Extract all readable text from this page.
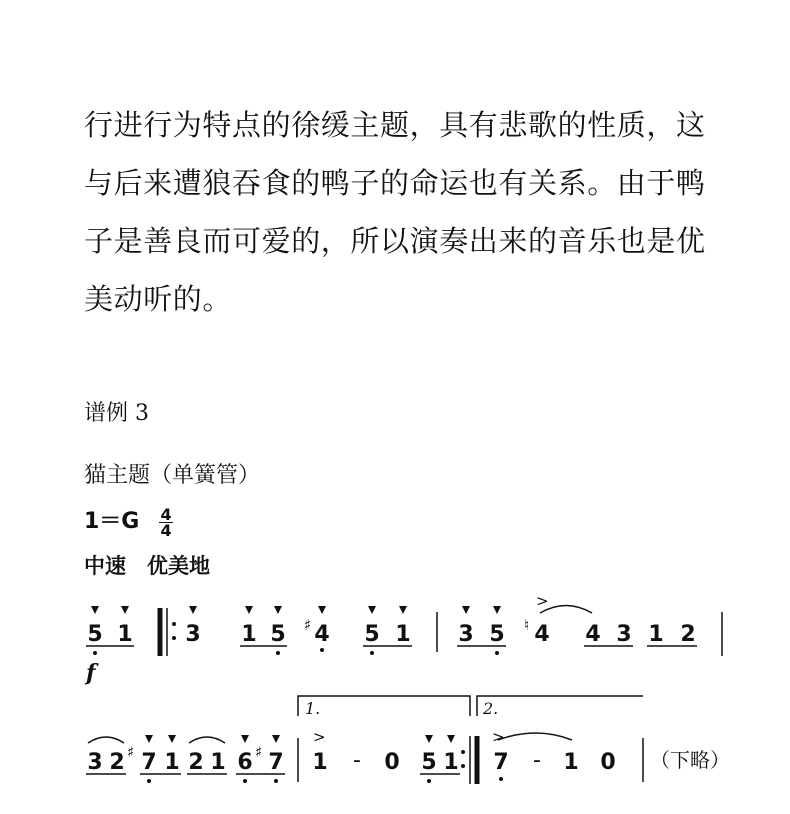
行进行为特点的徐缓主题，具有悲歌的性质，这
与后来遭狼吞食的鸭子的命运也有关系。由于鸭
子是善良而可爱的，所以演奏出来的音乐也是优
美动听的。
谱例 3
猫主题（单簧管）
$1=G \frac{4}{4}$
中速　优美地
5 1 3 1 5 ♯ 4 5 1 3 5 ♮
>
4 4 3 1 2
f
1.	2.
3 2 ♯ 7 1 2 1 6 ♯ 7
>
1 - 0 5 1
>
7 - 1 0 （下略）
